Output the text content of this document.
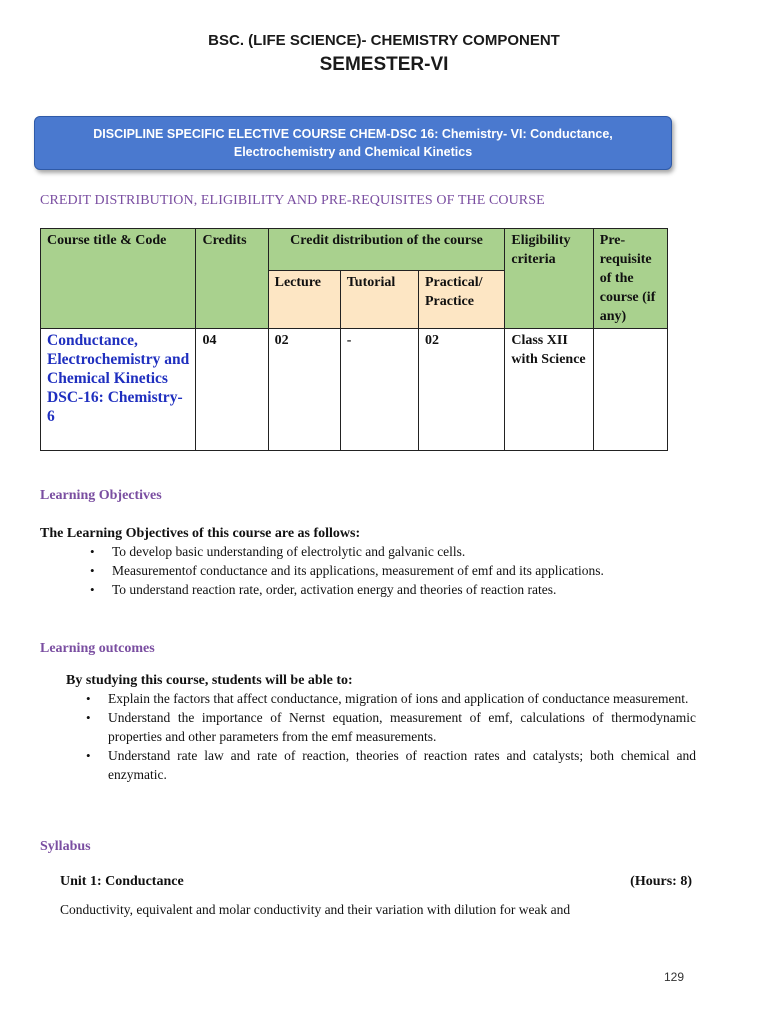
BSC. (LIFE SCIENCE)- CHEMISTRY COMPONENT
SEMESTER-VI
DISCIPLINE SPECIFIC ELECTIVE COURSE CHEM-DSC 16: Chemistry- VI: Conductance,
Electrochemistry and Chemical Kinetics
CREDIT DISTRIBUTION, ELIGIBILITY AND PRE-REQUISITES OF THE COURSE
Course title & Code	Credits	Credit distribution of the course			Eligibility criteria	Pre-requisite of the course (if any)
		Lecture	Tutorial	Practical/ Practice		
Conductance, Electrochemistry and Chemical Kinetics DSC-16: Chemistry- 6	04	02	-	02	Class XII with Science	
Learning Objectives
The Learning Objectives of this course are as follows:
• To develop basic understanding of electrolytic and galvanic cells.
• Measurementof conductance and its applications, measurement of emf and its applications.
• To understand reaction rate, order, activation energy and theories of reaction rates.
Learning outcomes
By studying this course, students will be able to:
• Explain the factors that affect conductance, migration of ions and application of conductance measurement.
• Understand the importance of Nernst equation, measurement of emf, calculations of thermodynamic properties and other parameters from the emf measurements.
• Understand rate law and rate of reaction, theories of reaction rates and catalysts; both chemical and enzymatic.
Syllabus
Unit 1: Conductance	(Hours: 8)
Conductivity, equivalent and molar conductivity and their variation with dilution for weak and
129
